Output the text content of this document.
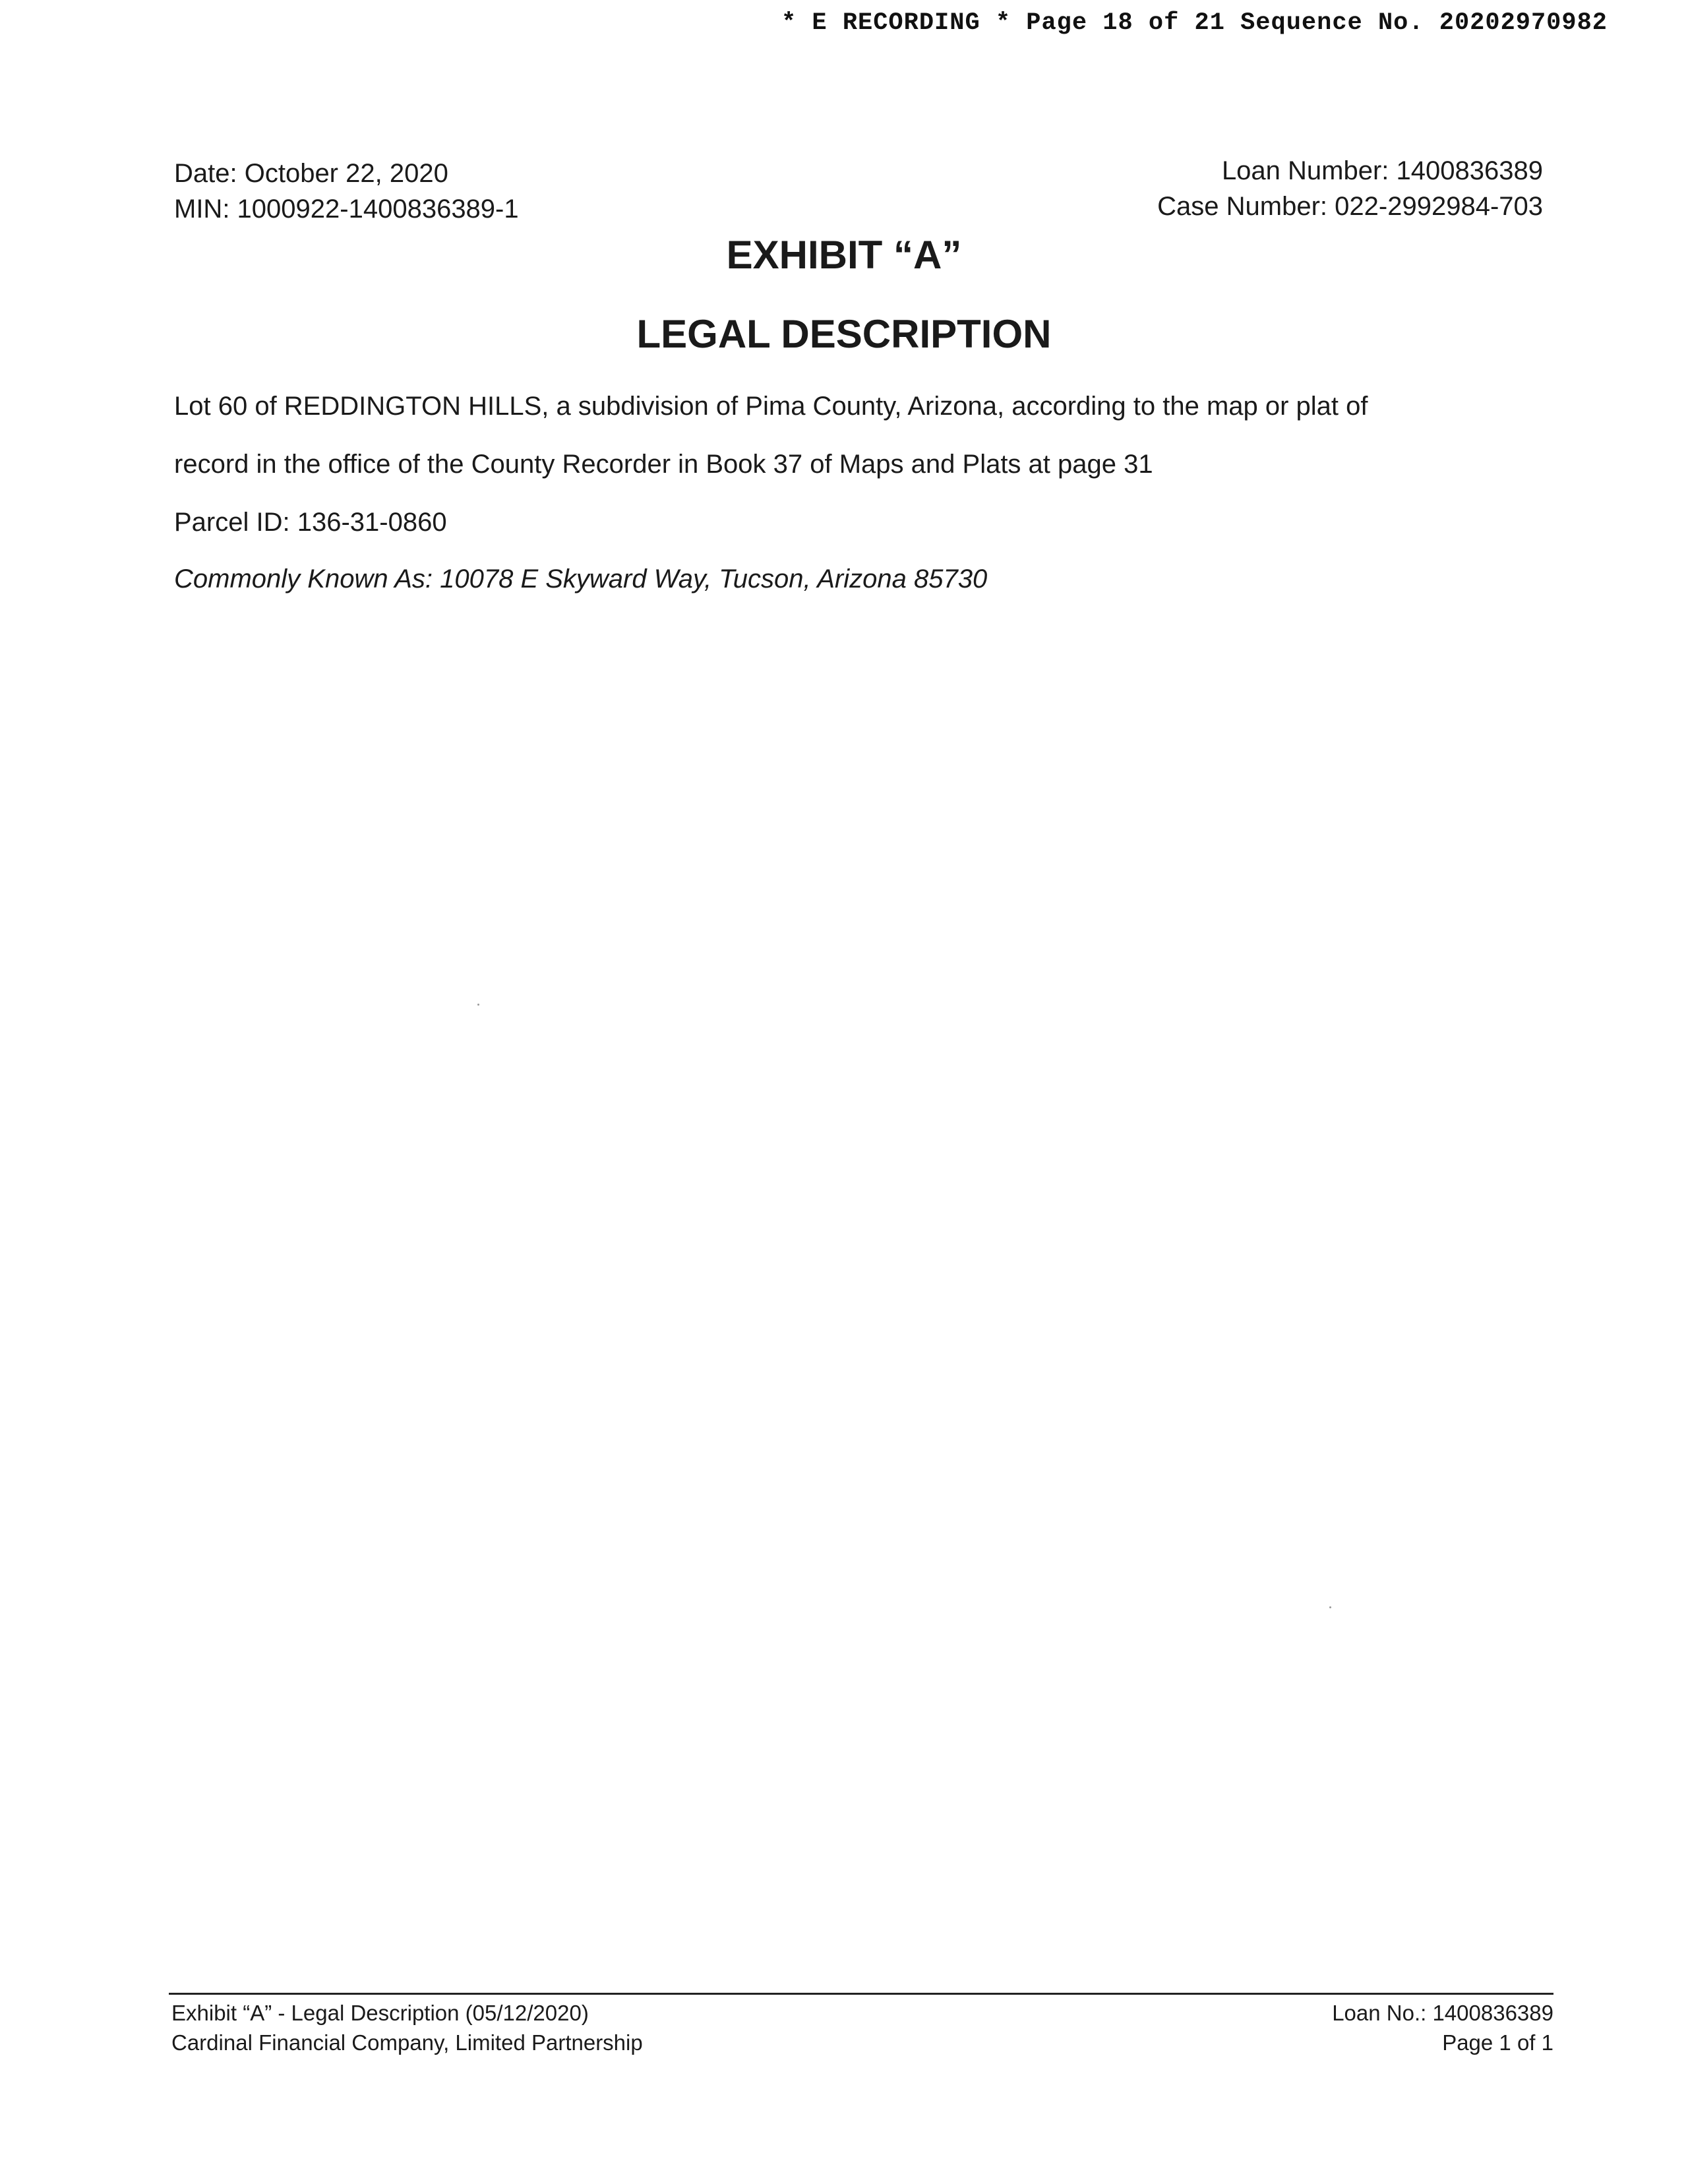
* E RECORDING * Page 18 of 21 Sequence No. 20202970982
Date: October 22, 2020
MIN: 1000922-1400836389-1
Loan Number: 1400836389
Case Number: 022-2992984-703
EXHIBIT “A”
LEGAL DESCRIPTION
Lot 60 of REDDINGTON HILLS, a subdivision of Pima County, Arizona, according to the map or plat of
record in the office of the County Recorder in Book 37 of Maps and Plats at page 31
Parcel ID: 136-31-0860
Commonly Known As: 10078 E Skyward Way, Tucson, Arizona 85730
Exhibit “A” - Legal Description (05/12/2020)
Cardinal Financial Company, Limited Partnership
Loan No.: 1400836389
Page 1 of 1
